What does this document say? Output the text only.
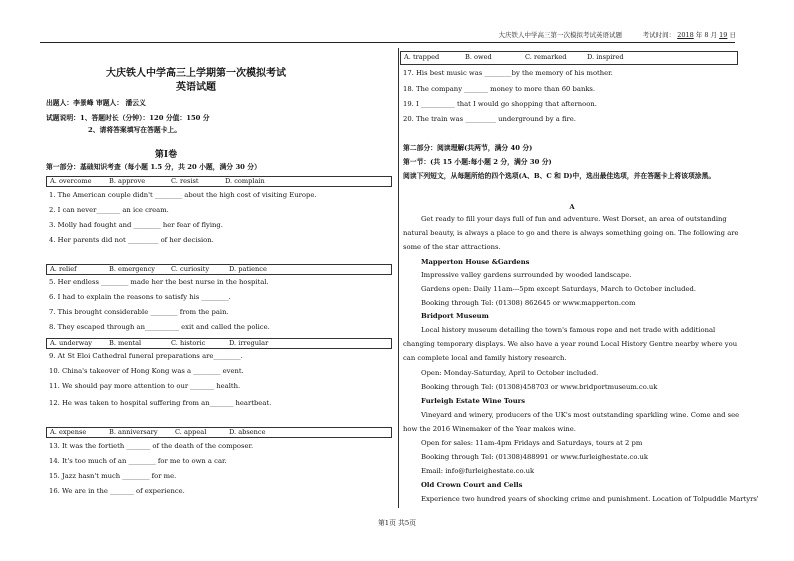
大庆铁人中学高三第一次模拟考试英语试题	考试时间： 2018 年 8 月 19 日
大庆铁人中学高三上学期第一次模拟考试
英语试题
出题人：李景峰 审题人： 潘云义
试题说明：1、答题时长（分钟）：120 分值：150 分
2、请将答案填写在答题卡上。
第Ⅰ卷
第一部分：基础知识考查（每小题 1.5 分，共 20 小题，满分 30 分）
A. overcome	B. approve	C. resist	D. complain
1. The American couple didn't ________ about the high cost of visiting Europe.
2. I can never_______ an ice cream.
3. Molly had fought and ________ her fear of flying.
4. Her parents did not _________ of her decision.
A. relief	B. emergency C. curiosity	D. patience
5. Her endless ________ made her the best nurse in the hospital.
6. I had to explain the reasons to satisfy his ________.
7. This brought considerable ________ from the pain.
8. They escaped through an__________ exit and called the police.
A. underway	B. mental	C. historic	D. irregular
9. At St Eloi Cathedral funeral preparations are________.
10. China's takeover of Hong Kong was a ________ event.
11. We should pay more attention to our _______ health.
12. He was taken to hospital suffering from an_______ heartbeat.
A. expense	B. anniversary	C. appeal	D. absence
13. It was the fortieth _______ of the death of the composer.
14. It's too much of an ________ for me to own a car.
15. Jazz hasn't much ________ for me.
16. We are in the _______ of experience.
A. trapped	B. owed	C. remarked	D. inspired
17. His best music was ________by the memory of his mother.
18. The company _______ money to more than 60 banks.
19. I __________ that I would go shopping that afternoon.
20. The train was _________ underground by a fire.
第二部分：阅读理解(共两节，满分 40 分)
第一节：(共 15 小题:每小题 2 分，满分 30 分)
阅读下列短文，从每题所给的四个选项(A、B、C 和 D)中，选出最佳选项，并在答题卡上将该项涂黑。
A
Get ready to fill your days full of fun and adventure. West Dorset, an area of outstanding natural beauty, is always a place to go and there is always something going on. The following are some of the star attractions.
Mapperton House &Gardens
Impressive valley gardens surrounded by wooded landscape.
Gardens open: Daily 11am---5pm except Saturdays, March to October included.
Booking through Tel: (01308) 862645 or www.mapperton.com
Bridport Museum
Local history museum detailing the town's famous rope and net trade with additional changing temporary displays. We also have a year round Local History Gentre nearby where you can complete local and family history research.
Open: Monday-Saturday, April to October included.
Booking through Tel: (01308)458703 or www.bridportmuseum.co.uk
Furleigh Estate Wine Tours
Vineyard and winery, producers of the UK's most outstanding sparkling wine. Come and see how the 2016 Winemaker of the Year makes wine.
Open for sales: 11am-4pm Fridays and Saturdays, tours at 2 pm
Booking through Tel: (01308)488991 or www.furleighestate.co.uk
Email: info@furleighestate.co.uk
Old Crown Court and Cells
Experience two hundred years of shocking crime and punishment. Location of Tolpuddle Martyrs'
第1页 共5页
